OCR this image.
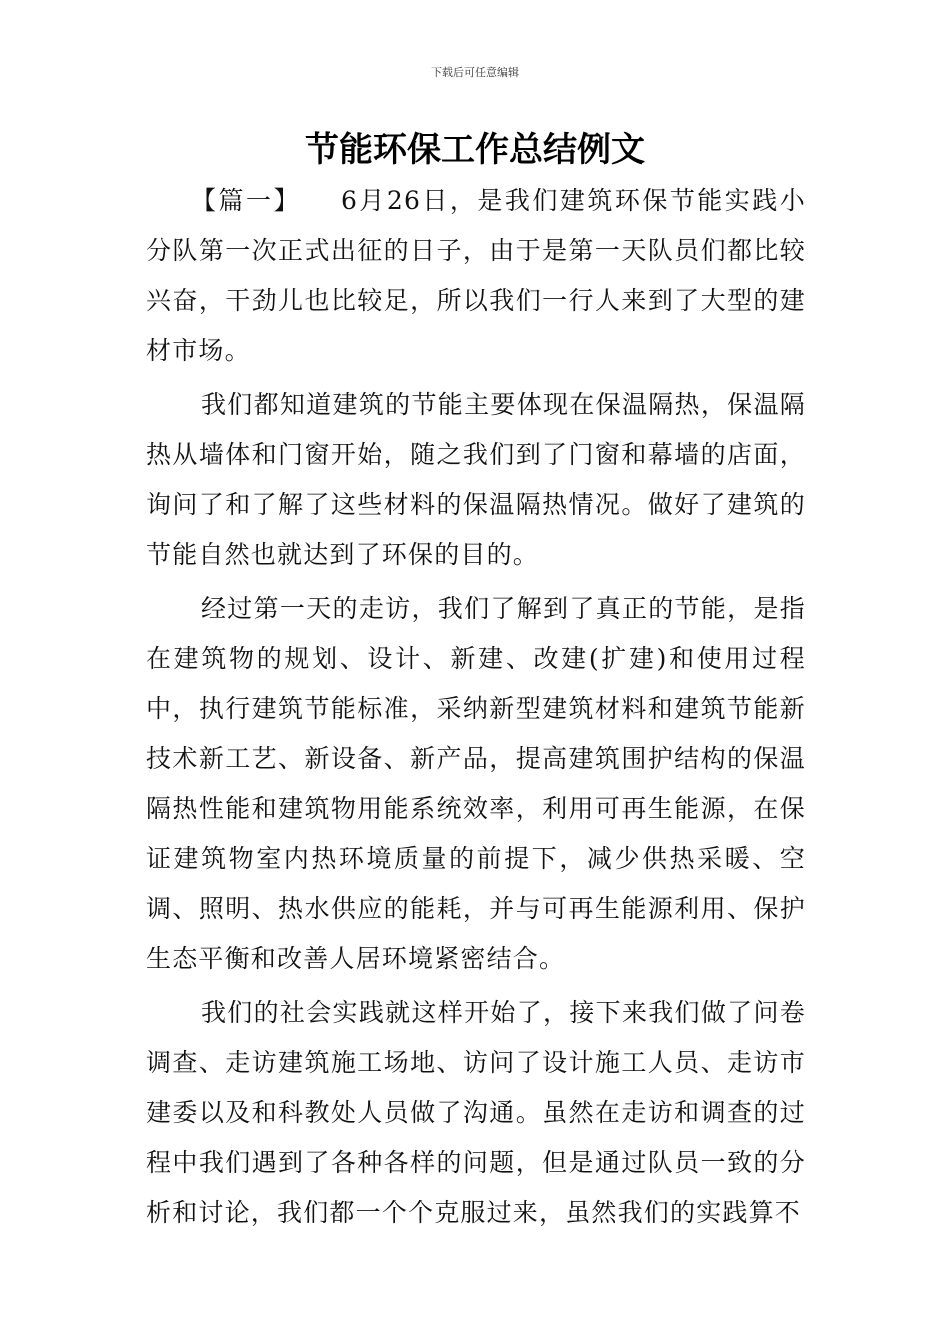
下载后可任意编辑
节能环保工作总结例文

【篇一】 6月26日，是我们建筑环保节能实践小分队第一次正式出征的日子，由于是第一天队员们都比较兴奋，干劲儿也比较足，所以我们一行人来到了大型的建材市场。

我们都知道建筑的节能主要体现在保温隔热，保温隔热从墙体和门窗开始，随之我们到了门窗和幕墙的店面，询问了和了解了这些材料的保温隔热情况。做好了建筑的节能自然也就达到了环保的目的。

经过第一天的走访，我们了解到了真正的节能，是指在建筑物的规划、设计、新建、改建(扩建)和使用过程中，执行建筑节能标准，采纳新型建筑材料和建筑节能新技术新工艺、新设备、新产品，提高建筑围护结构的保温隔热性能和建筑物用能系统效率，利用可再生能源，在保证建筑物室内热环境质量的前提下，减少供热采暖、空调、照明、热水供应的能耗，并与可再生能源利用、保护生态平衡和改善人居环境紧密结合。

我们的社会实践就这样开始了，接下来我们做了问卷调查、走访建筑施工场地、访问了设计施工人员、走访市建委以及和科教处人员做了沟通。虽然在走访和调查的过程中我们遇到了各种各样的问题，但是通过队员一致的分析和讨论，我们都一个个克服过来，虽然我们的实践算不
